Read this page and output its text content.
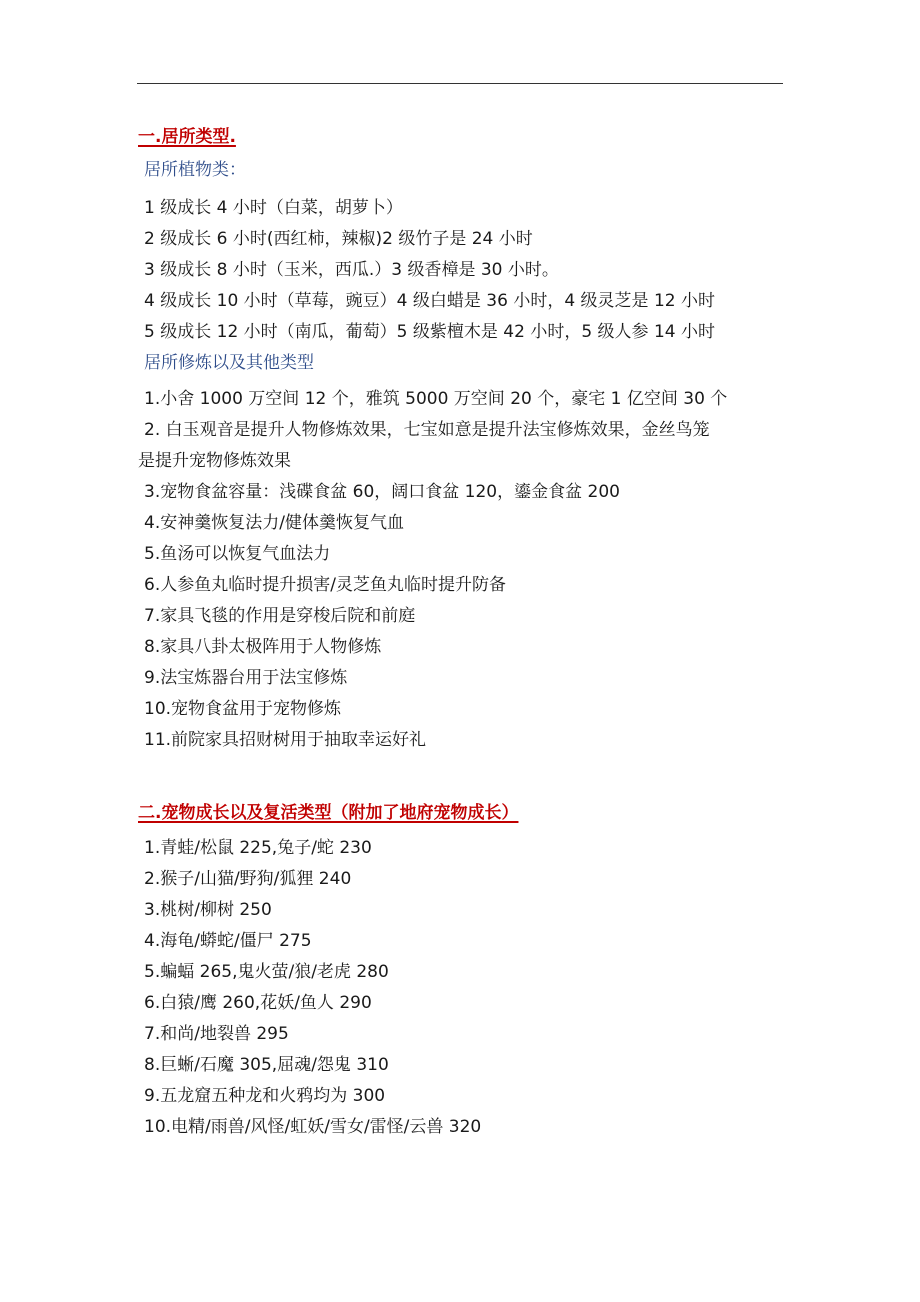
一.居所类型.
居所植物类：
1 级成长 4 小时（白菜，胡萝卜）
2 级成长 6 小时(西红柿，辣椒)2 级竹子是 24 小时
3 级成长 8 小时（玉米，西瓜.）3 级香樟是 30 小时。
4 级成长 10 小时（草莓，豌豆）4 级白蜡是 36 小时，4 级灵芝是 12 小时
5 级成长 12 小时（南瓜，葡萄）5 级紫檀木是 42 小时，5 级人参 14 小时
居所修炼以及其他类型
1.小舍 1000 万空间 12 个，雅筑 5000 万空间 20 个，豪宅 1 亿空间 30 个
2. 白玉观音是提升人物修炼效果，七宝如意是提升法宝修炼效果，金丝鸟笼
是提升宠物修炼效果
3.宠物食盆容量：浅碟食盆 60，阔口食盆 120，鎏金食盆 200
4.安神羹恢复法力/健体羹恢复气血
5.鱼汤可以恢复气血法力
6.人参鱼丸临时提升损害/灵芝鱼丸临时提升防备
7.家具飞毯的作用是穿梭后院和前庭
8.家具八卦太极阵用于人物修炼
9.法宝炼器台用于法宝修炼
10.宠物食盆用于宠物修炼
11.前院家具招财树用于抽取幸运好礼
二.宠物成长以及复活类型（附加了地府宠物成长）
1.青蛙/松鼠 225,兔子/蛇 230
2.猴子/山猫/野狗/狐狸 240
3.桃树/柳树 250
4.海龟/蟒蛇/僵尸 275
5.蝙蝠 265,鬼火萤/狼/老虎 280
6.白猿/鹰 260,花妖/鱼人 290
7.和尚/地裂兽 295
8.巨蜥/石魔 305,屈魂/怨鬼 310
9.五龙窟五种龙和火鸦均为 300
10.电精/雨兽/风怪/虹妖/雪女/雷怪/云兽 320
